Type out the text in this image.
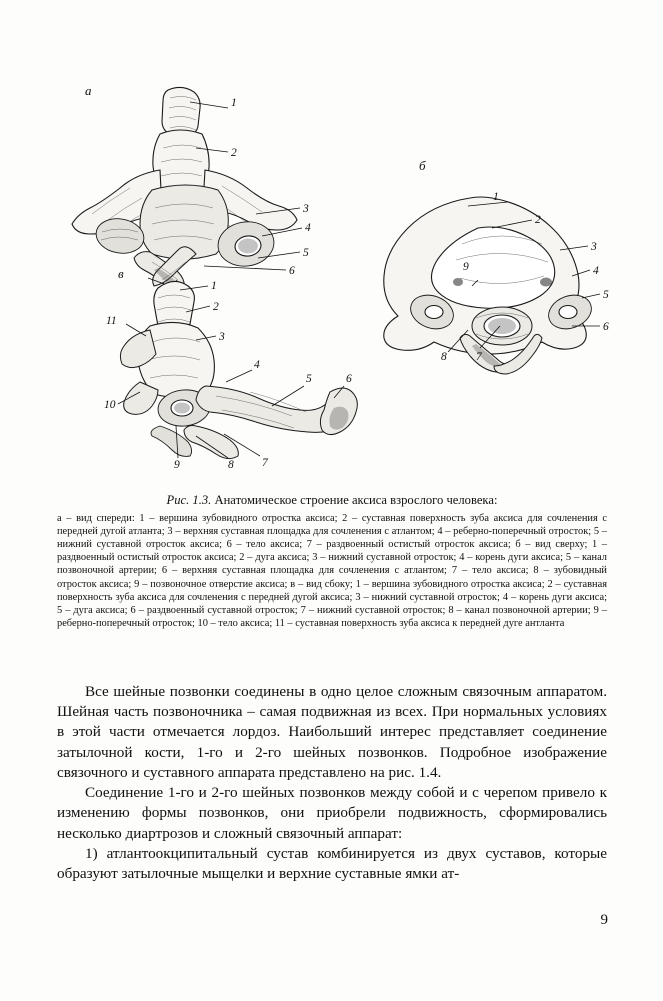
а
1
2
3
4
5
6
б
1
2
3
4
5
6
7
8
9
в
1
2
3
4
5	6
7
8
9
10
11
Рис. 1.3. Анатомическое строение аксиса взрослого человека:
а – вид спереди: 1 – вершина зубовидного отростка аксиса; 2 – суставная поверхность зуба аксиса для сочленения с передней дугой атланта; 3 – верхняя суставная площадка для сочленения с атлантом; 4 – реберно-поперечный отросток; 5 – нижний суставной отросток аксиса; 6 – тело аксиса; 7 – раздвоенный остистый отросток аксиса; б – вид сверху; 1 – раздвоенный остистый отросток аксиса; 2 – дуга аксиса; 3 – нижний суставной отросток; 4 – корень дуги аксиса; 5 – канал позвоночной артерии; 6 – верхняя суставная площадка для сочленения с атлантом; 7 – тело аксиса; 8 – зубовидный отросток аксиса; 9 – позвоночное отверстие аксиса; в – вид сбоку; 1 – вершина зубовидного отростка аксиса; 2 – суставная поверхность зуба аксиса для сочленения с передней дугой аксиса; 3 – нижний суставной отросток; 4 – корень дуги аксиса; 5 – дуга аксиса; 6 – раздвоенный суставной отросток; 7 – нижний суставной отросток; 8 – канал позвоночной артерии; 9 – реберно-поперечный отросток; 10 – тело аксиса; 11 – суставная поверхность зуба аксиса к передней дуге антланта

Все шейные позвонки соединены в одно целое сложным связочным аппаратом. Шейная часть позвоночника – самая подвижная из всех. При нормальных условиях в этой части отмечается лордоз. Наибольший интерес представляет соединение затылочной кости, 1-го и 2-го шейных позвонков. Подробное изображение связочного и суставного аппарата представлено на рис. 1.4.

Соединение 1-го и 2-го шейных позвонков между собой и с черепом привело к изменению формы позвонков, они приобрели подвижность, сформировались несколько диартрозов и сложный связочный аппарат:

1) атлантоокципитальный сустав комбинируется из двух суставов, которые образуют затылочные мыщелки и верхние суставные ямки ат-

9
